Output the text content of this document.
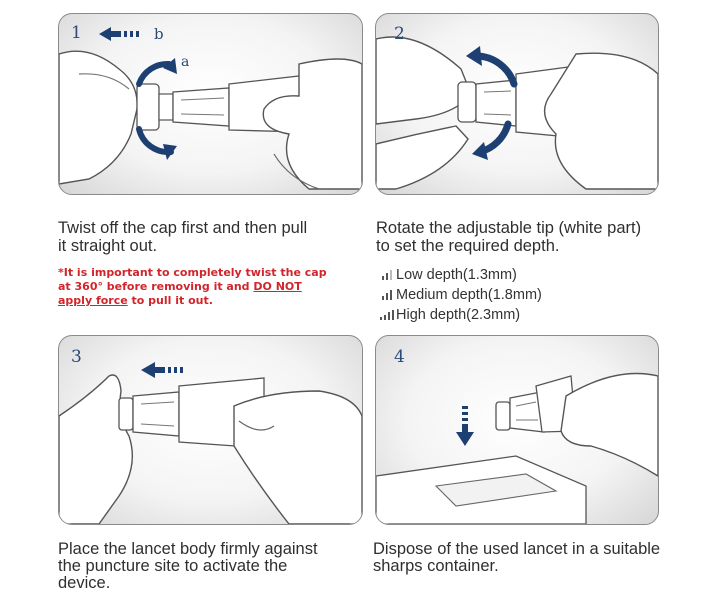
1	b
a
2
3	4

Twist off the cap first and then pull

it straight out.

*It is important to completely twist the cap

at 360° before removing it and DO NOT

apply force to pull it out.

Rotate the adjustable tip (white part)

to set the required depth.

Low depth(1.3mm)
Medium depth(1.8mm)
High depth(2.3mm)

Place the lancet body firmly against

the puncture site to activate the

device.

Dispose of the used lancet in a suitable

sharps container.
